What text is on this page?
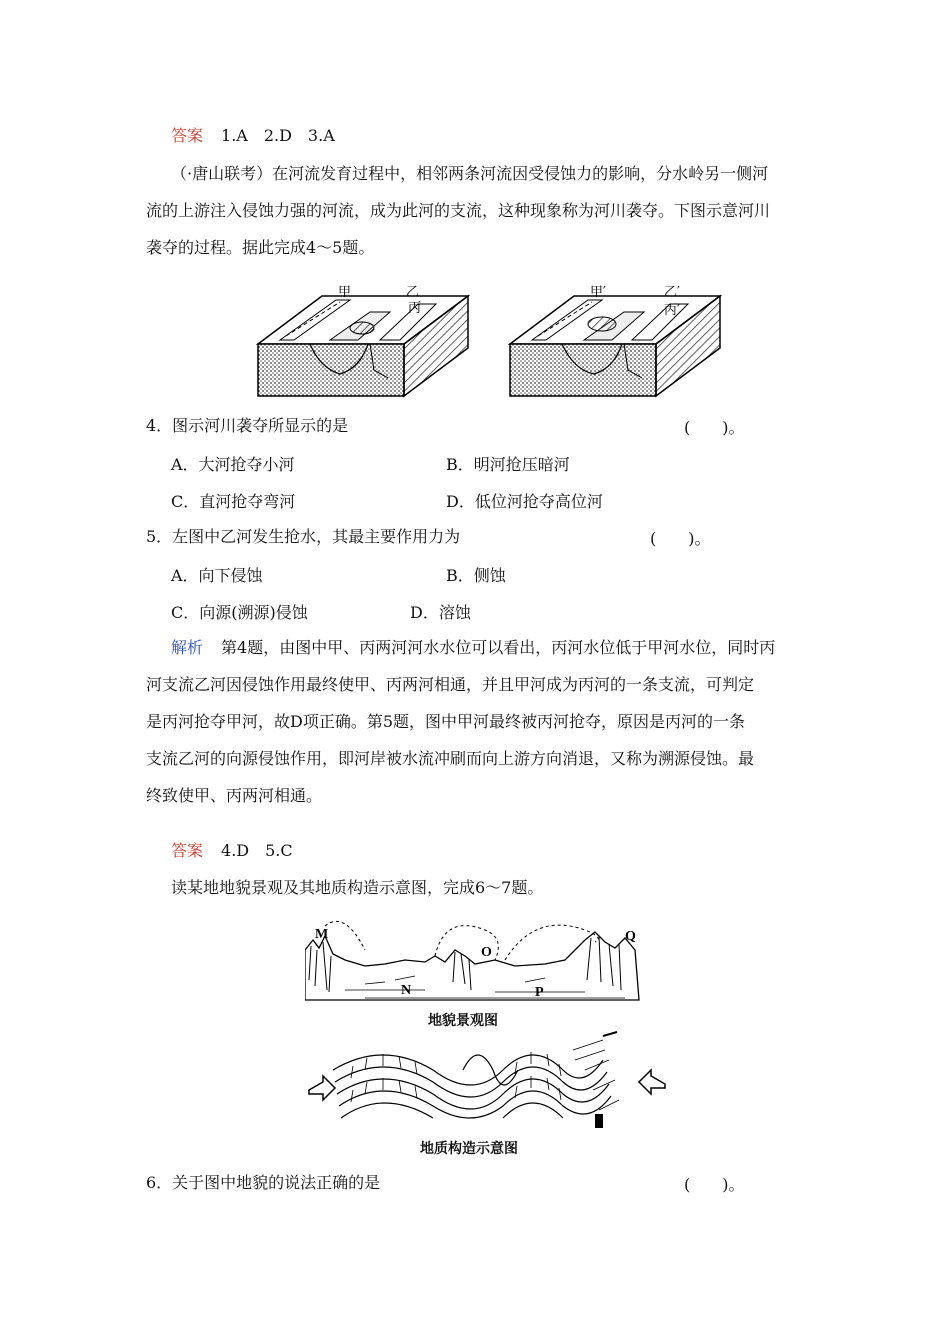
答案 1.A　2.D　3.A
（·唐山联考）在河流发育过程中，相邻两条河流因受侵蚀力的影响，分水岭另一侧河
流的上游注入侵蚀力强的河流，成为此河的支流，这种现象称为河川袭夺。下图示意河川
袭夺的过程。据此完成4～5题。
甲	乙
丙
甲′	乙′
丙′
4．图示河川袭夺所显示的是	(　　)。
A．大河抢夺小河	B．明河抢压暗河
C．直河抢夺弯河	D．低位河抢夺高位河
5．左图中乙河发生抢水，其最主要作用力为	(　　)。
A．向下侵蚀	B．侧蚀
C．向源(溯源)侵蚀	D．溶蚀
解析 第4题，由图中甲、丙两河河水水位可以看出，丙河水位低于甲河水位，同时丙
河支流乙河因侵蚀作用最终使甲、丙两河相通，并且甲河成为丙河的一条支流，可判定
是丙河抢夺甲河，故D项正确。第5题，图中甲河最终被丙河抢夺，原因是丙河的一条
支流乙河的向源侵蚀作用，即河岸被水流冲刷而向上游方向消退，又称为溯源侵蚀。最
终致使甲、丙两河相通。
答案 4.D　5.C
读某地地貌景观及其地质构造示意图，完成6～7题。
M
O
Q
N	P
地貌景观图
地质构造示意图
6．关于图中地貌的说法正确的是	(　　)。
